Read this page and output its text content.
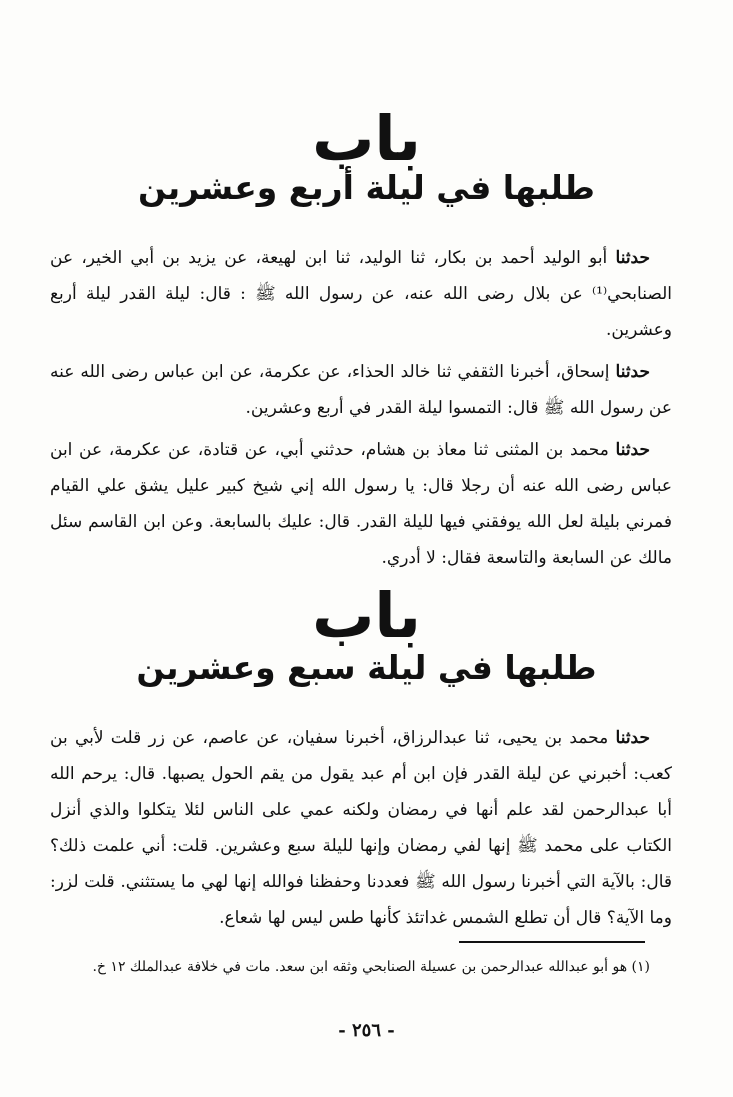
باب
طلبها في ليلة أربع وعشرين

حدثنا أبو الوليد أحمد بن بكار، ثنا الوليد، ثنا ابن لهيعة، عن يزيد بن أبي الخير، عن الصنابحي⁽¹⁾ عن بلال رضى الله عنه، عن رسول الله ﷺ : قال: ليلة القدر ليلة أربع وعشرين.

حدثنا إسحاق، أخبرنا الثقفي ثنا خالد الحذاء، عن عكرمة، عن ابن عباس رضى الله عنه عن رسول الله ﷺ قال: التمسوا ليلة القدر في أربع وعشرين.

حدثنا محمد بن المثنى ثنا معاذ بن هشام، حدثني أبي، عن قتادة، عن عكرمة، عن ابن عباس رضى الله عنه أن رجلا قال: يا رسول الله إني شيخ كبير عليل يشق علي القيام فمرني بليلة لعل الله يوفقني فيها لليلة القدر. قال: عليك بالسابعة. وعن ابن القاسم سئل مالك عن السابعة والتاسعة فقال: لا أدري.

باب
طلبها في ليلة سبع وعشرين

حدثنا محمد بن يحيى، ثنا عبدالرزاق، أخبرنا سفيان، عن عاصم، عن زر قلت لأبي بن كعب: أخبرني عن ليلة القدر فإن ابن أم عبد يقول من يقم الحول يصبها. قال: يرحم الله أبا عبدالرحمن لقد علم أنها في رمضان ولكنه عمي على الناس لئلا يتكلوا والذي أنزل الكتاب على محمد ﷺ إنها لفي رمضان وإنها لليلة سبع وعشرين. قلت: أني علمت ذلك؟ قال: بالآية التي أخبرنا رسول الله ﷺ فعددنا وحفظنا فوالله إنها لهي ما يستثني. قلت لزر: وما الآية؟ قال أن تطلع الشمس غداتئذ كأنها طس ليس لها شعاع.

(١) هو أبو عبدالله عبدالرحمن بن عسيلة الصنابحي وثقه ابن سعد. مات في خلافة عبدالملك ١٢ خ.
- ٢٥٦ -
